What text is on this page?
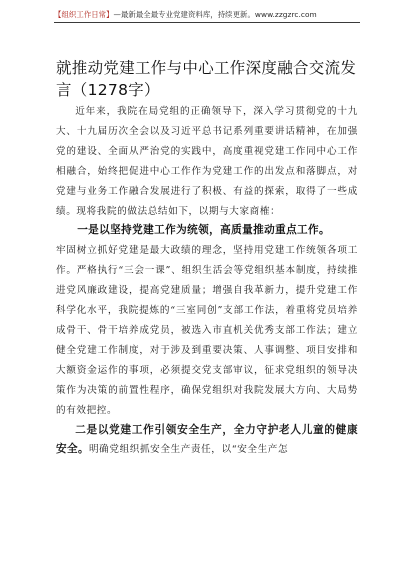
【组织工作日常】—最新最全最专业党建资料库，持续更新。www.zzgzrc.com
就推动党建工作与中心工作深度融合交流发言（1278字）

近年来，我院在局党组的正确领导下，深入学习贯彻党的十九大、十九届历次全会以及习近平总书记系列重要讲话精神，在加强党的建设、全面从严治党的实践中，高度重视党建工作同中心工作相融合，始终把促进中心工作作为党建工作的出发点和落脚点，对党建与业务工作融合发展进行了积极、有益的探索，取得了一些成绩。现将我院的做法总结如下，以期与大家商榷：

一是以坚持党建工作为统领，高质量推动重点工作。

牢固树立抓好党建是最大政绩的理念，坚持用党建工作统领各项工作。严格执行“三会一课”、组织生活会等党组织基本制度，持续推进党风廉政建设，提高党建质量；增强自我革新力，提升党建工作科学化水平，我院提炼的“三室同创”支部工作法，着重将党员培养成骨干、骨干培养成党员，被选入市直机关优秀支部工作法；建立健全党建工作制度，对于涉及到重要决策、人事调整、项目安排和大额资金运作的事项，必须提交党支部审议，征求党组织的领导决策作为决策的前置性程序，确保党组织对我院发展大方向、大局势的有效把控。

二是以党建工作引领安全生产，全力守护老人儿童的健康安全。明确党组织抓安全生产责任，以“安全生产怎
